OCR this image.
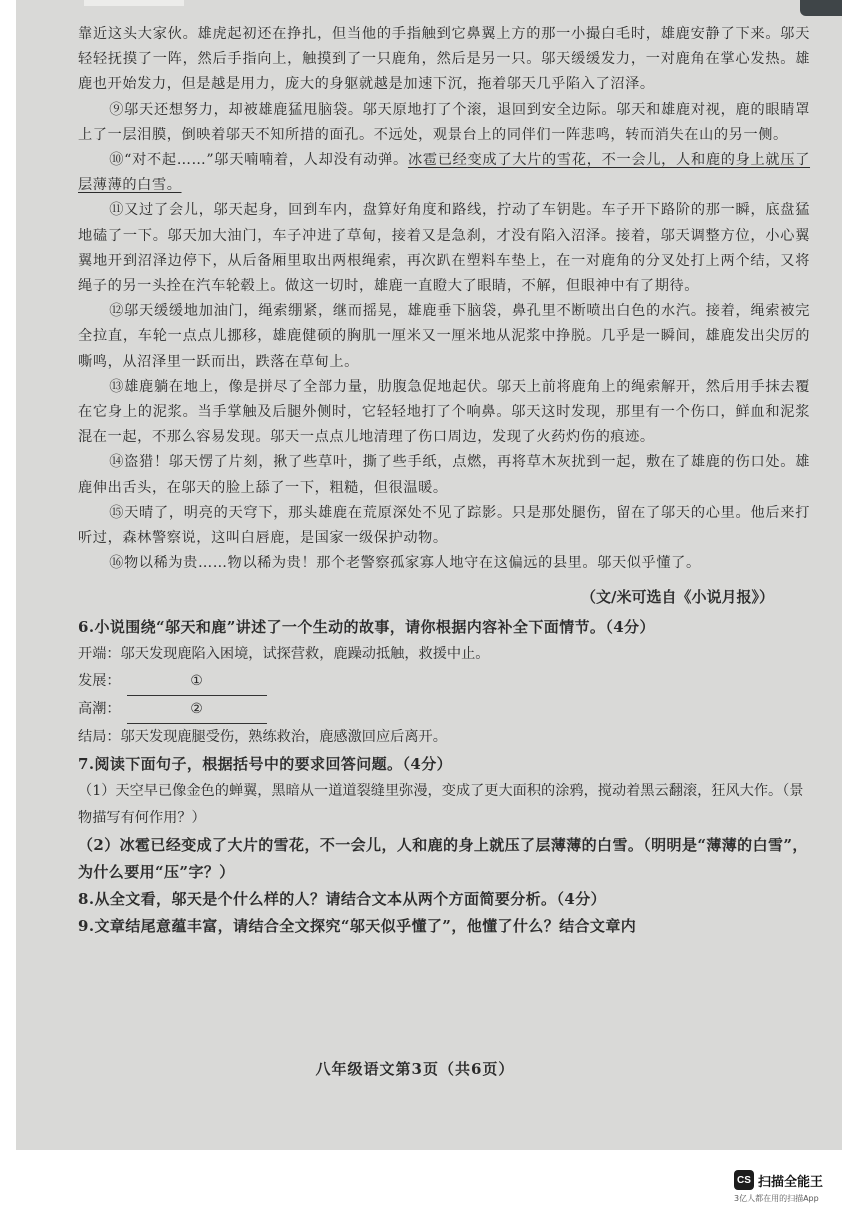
靠近这头大家伙。雄虎起初还在挣扎，但当他的手指触到它鼻翼上方的那一小撮白毛时，雄鹿安静了下来。邬天轻轻抚摸了一阵，然后手指向上，触摸到了一只鹿角，然后是另一只。邬天缓缓发力，一对鹿角在掌心发热。雄鹿也开始发力，但是越是用力，庞大的身躯就越是加速下沉，拖着邬天几乎陷入了沼泽。

⑨邬天还想努力，却被雄鹿猛甩脑袋。邬天原地打了个滚，退回到安全边际。邬天和雄鹿对视，鹿的眼睛罩上了一层泪膜，倒映着邬天不知所措的面孔。不远处，观景台上的同伴们一阵悲鸣，转而消失在山的另一侧。

⑩“对不起……”邬天喃喃着，人却没有动弹。冰雹已经变成了大片的雪花，不一会儿，人和鹿的身上就压了层薄薄的白雪。

⑪又过了会儿，邬天起身，回到车内，盘算好角度和路线，拧动了车钥匙。车子开下路阶的那一瞬，底盘猛地磕了一下。邬天加大油门，车子冲进了草甸，接着又是急刹，才没有陷入沼泽。接着，邬天调整方位，小心翼翼地开到沼泽边停下，从后备厢里取出两根绳索，再次趴在塑料车垫上，在一对鹿角的分叉处打上两个结，又将绳子的另一头拴在汽车轮毂上。做这一切时，雄鹿一直瞪大了眼睛，不解，但眼神中有了期待。

⑫邬天缓缓地加油门，绳索绷紧，继而摇晃，雄鹿垂下脑袋，鼻孔里不断喷出白色的水汽。接着，绳索被完全拉直，车轮一点点儿挪移，雄鹿健硕的胸肌一厘米又一厘米地从泥浆中挣脱。几乎是一瞬间，雄鹿发出尖厉的嘶鸣，从沼泽里一跃而出，跌落在草甸上。

⑬雄鹿躺在地上，像是拼尽了全部力量，肋腹急促地起伏。邬天上前将鹿角上的绳索解开，然后用手抹去覆在它身上的泥浆。当手掌触及后腿外侧时，它轻轻地打了个响鼻。邬天这时发现，那里有一个伤口，鲜血和泥浆混在一起，不那么容易发现。邬天一点点儿地清理了伤口周边，发现了火药灼伤的痕迹。

⑭盗猎！邬天愣了片刻，揪了些草叶，撕了些手纸，点燃，再将草木灰扰到一起，敷在了雄鹿的伤口处。雄鹿伸出舌头，在邬天的脸上舔了一下，粗糙，但很温暖。

⑮天晴了，明亮的天穹下，那头雄鹿在荒原深处不见了踪影。只是那处腿伤，留在了邬天的心里。他后来打听过，森林警察说，这叫白唇鹿，是国家一级保护动物。

⑯物以稀为贵……物以稀为贵！那个老警察孤家寡人地守在这偏远的县里。邬天似乎懂了。

（文/米可选自《小说月报》）

6.小说围绕“邬天和鹿”讲述了一个生动的故事，请你根据内容补全下面情节。（4分）

开端：邬天发现鹿陷入困境，试探营救，鹿躁动抵触，救援中止。

发展：	①

高潮：	②

结局：邬天发现鹿腿受伤，熟练救治，鹿感激回应后离开。

7.阅读下面句子，根据括号中的要求回答问题。（4分）

（1）天空早已像金色的蝉翼，黑暗从一道道裂缝里弥漫，变成了更大面积的涂鸦，搅动着黑云翻滚，狂风大作。（景物描写有何作用？）

（2）冰雹已经变成了大片的雪花，不一会儿，人和鹿的身上就压了层薄薄的白雪。（明明是“薄薄的白雪”，为什么要用“压”字？）

8.从全文看，邬天是个什么样的人？请结合文本从两个方面简要分析。（4分）

9.文章结尾意蕴丰富，请结合全文探究“邬天似乎懂了”，他懂了什么？结合文章内

八年级语文第3页（共6页）
CS 扫描全能王
3亿人都在用的扫描App
